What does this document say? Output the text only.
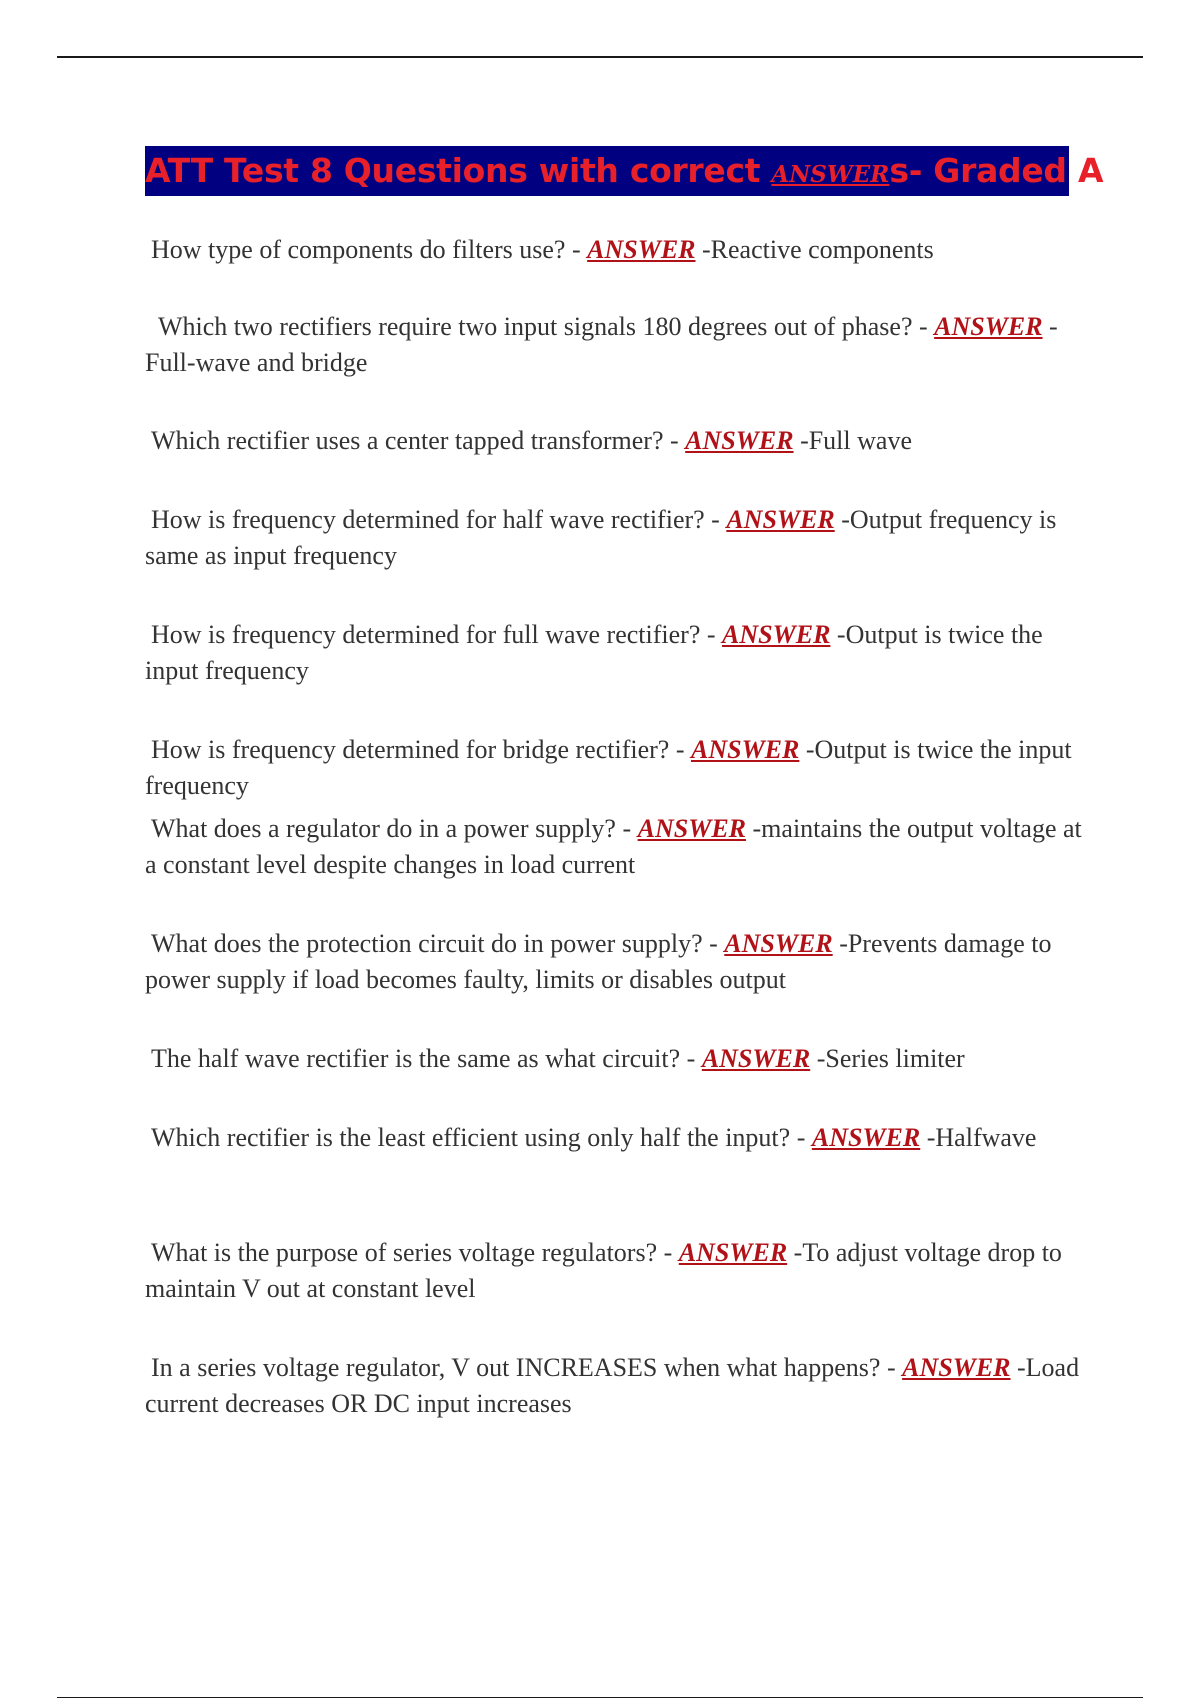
ATT Test 8 Questions with correct ANSWERs- Graded A
How type of components do filters use? - ANSWER -Reactive components
Which two rectifiers require two input signals 180 degrees out of phase? - ANSWER -Full-wave and bridge
Which rectifier uses a center tapped transformer? - ANSWER -Full wave
How is frequency determined for half wave rectifier? - ANSWER -Output frequency is same as input frequency
How is frequency determined for full wave rectifier? - ANSWER -Output is twice the input frequency
How is frequency determined for bridge rectifier? - ANSWER -Output is twice the input frequency
What does a regulator do in a power supply? - ANSWER -maintains the output voltage at a constant level despite changes in load current
What does the protection circuit do in power supply? - ANSWER -Prevents damage to power supply if load becomes faulty, limits or disables output
The half wave rectifier is the same as what circuit? - ANSWER -Series limiter
Which rectifier is the least efficient using only half the input? - ANSWER -Halfwave
What is the purpose of series voltage regulators? - ANSWER -To adjust voltage drop to maintain V out at constant level
In a series voltage regulator, V out INCREASES when what happens? - ANSWER -Load current decreases OR DC input increases
